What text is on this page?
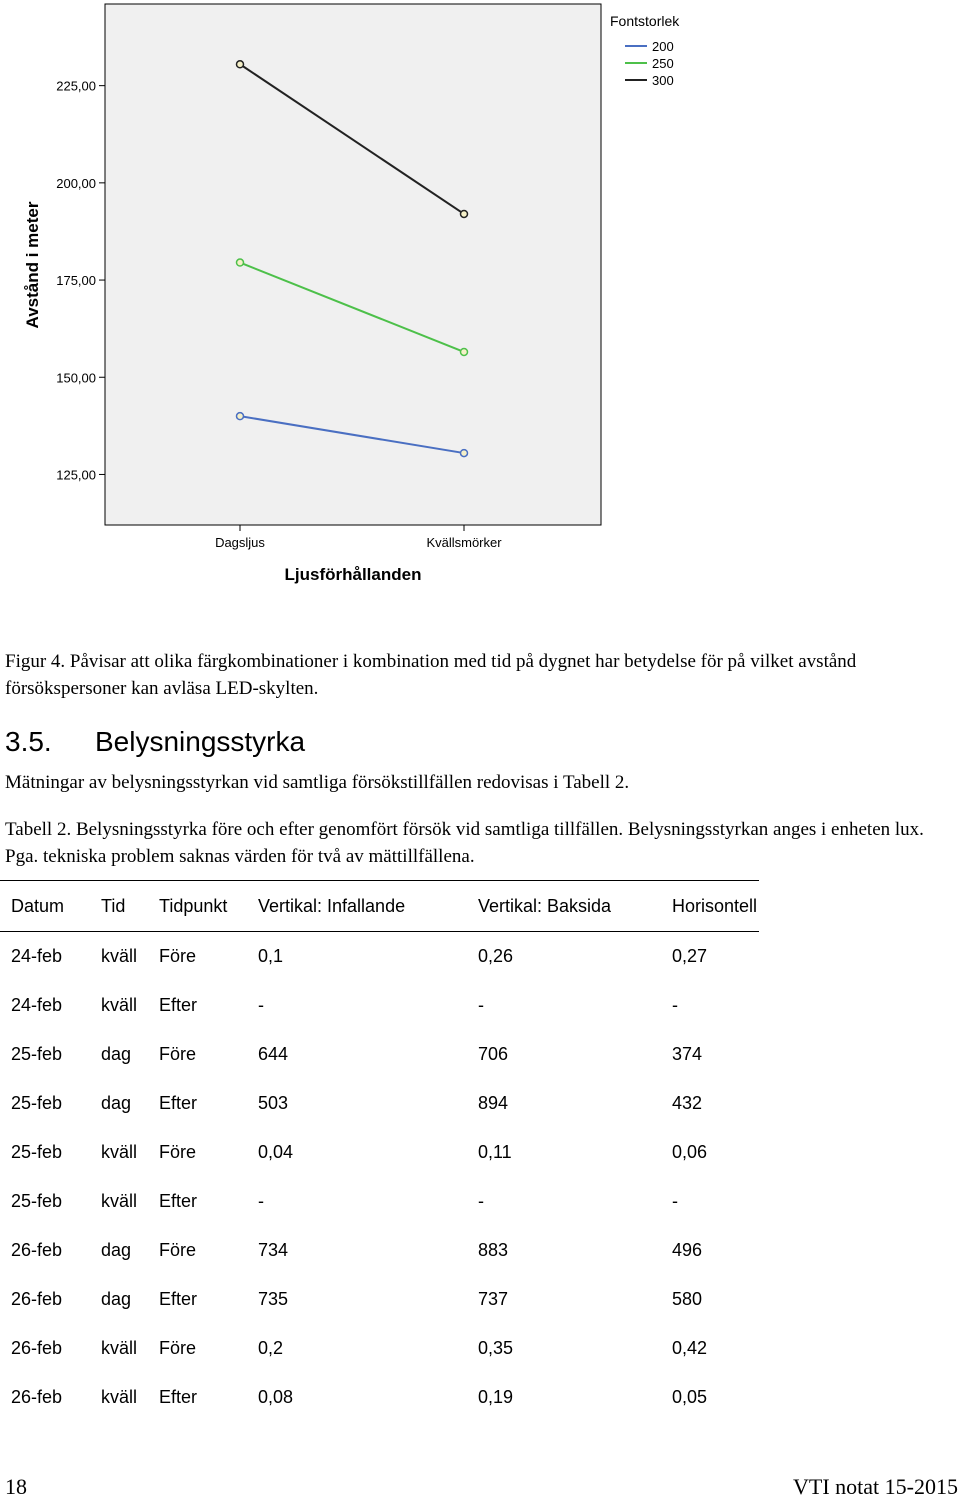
225,00
200,00
175,00
150,00
125,00
Dagsljus	Kvällsmörker
Avstånd i meter
Ljusförhållanden
Fontstorlek
200
250
300
Figur 4. Påvisar att olika färgkombinationer i kombination med tid på dygnet har betydelse för på vilket avstånd försökspersoner kan avläsa LED-skylten.
3.5. Belysningsstyrka
Mätningar av belysningsstyrkan vid samtliga försökstillfällen redovisas i Tabell 2.
Tabell 2. Belysningsstyrka före och efter genomfört försök vid samtliga tillfällen. Belysningsstyrkan anges i enheten lux. Pga. tekniska problem saknas värden för två av mättillfällena.
Datum	Tid	Tidpunkt	Vertikal: Infallande	Vertikal: Baksida	Horisontell
24-feb	kväll	Före	0,1	0,26	0,27
24-feb	kväll	Efter	-	-	-
25-feb	dag	Före	644	706	374
25-feb	dag	Efter	503	894	432
25-feb	kväll	Före	0,04	0,11	0,06
25-feb	kväll	Efter	-	-	-
26-feb	dag	Före	734	883	496
26-feb	dag	Efter	735	737	580
26-feb	kväll	Före	0,2	0,35	0,42
26-feb	kväll	Efter	0,08	0,19	0,05
18	VTI notat 15-2015
